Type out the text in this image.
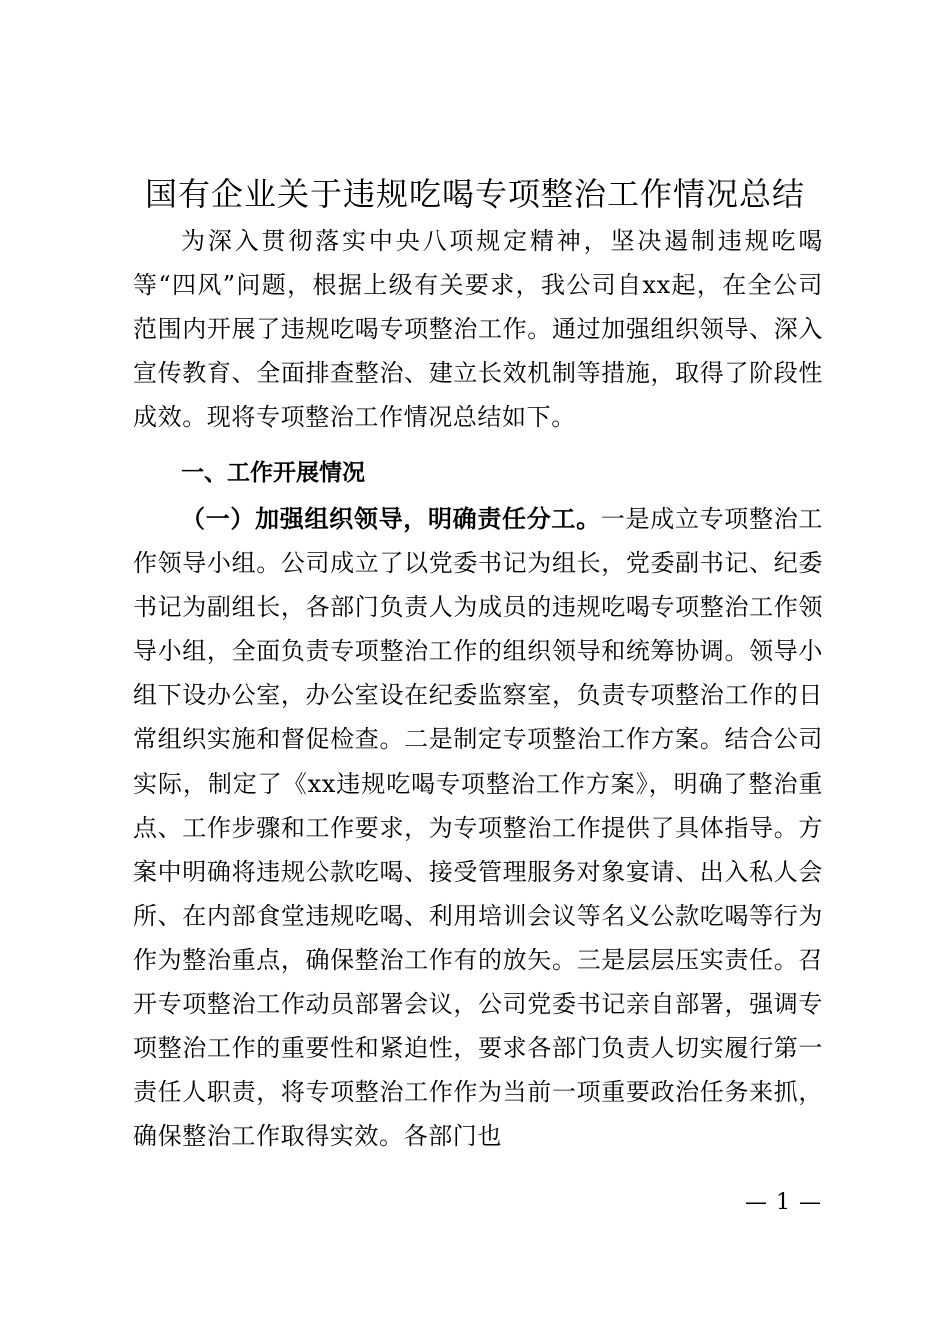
国有企业关于违规吃喝专项整治工作情况总结

为深入贯彻落实中央八项规定精神，坚决遏制违规吃喝等“四风”问题，根据上级有关要求，我公司自xx起，在全公司范围内开展了违规吃喝专项整治工作。通过加强组织领导、深入宣传教育、全面排查整治、建立长效机制等措施，取得了阶段性成效。现将专项整治工作情况总结如下。

一、工作开展情况

（一）加强组织领导，明确责任分工。一是成立专项整治工作领导小组。公司成立了以党委书记为组长，党委副书记、纪委书记为副组长，各部门负责人为成员的违规吃喝专项整治工作领导小组，全面负责专项整治工作的组织领导和统筹协调。领导小组下设办公室，办公室设在纪委监察室，负责专项整治工作的日常组织实施和督促检查。二是制定专项整治工作方案。结合公司实际，制定了《xx违规吃喝专项整治工作方案》，明确了整治重点、工作步骤和工作要求，为专项整治工作提供了具体指导。方案中明确将违规公款吃喝、接受管理服务对象宴请、出入私人会所、在内部食堂违规吃喝、利用培训会议等名义公款吃喝等行为作为整治重点，确保整治工作有的放矢。三是层层压实责任。召开专项整治工作动员部署会议，公司党委书记亲自部署，强调专项整治工作的重要性和紧迫性，要求各部门负责人切实履行第一责任人职责，将专项整治工作作为当前一项重要政治任务来抓，确保整治工作取得实效。各部门也

— 1 —
